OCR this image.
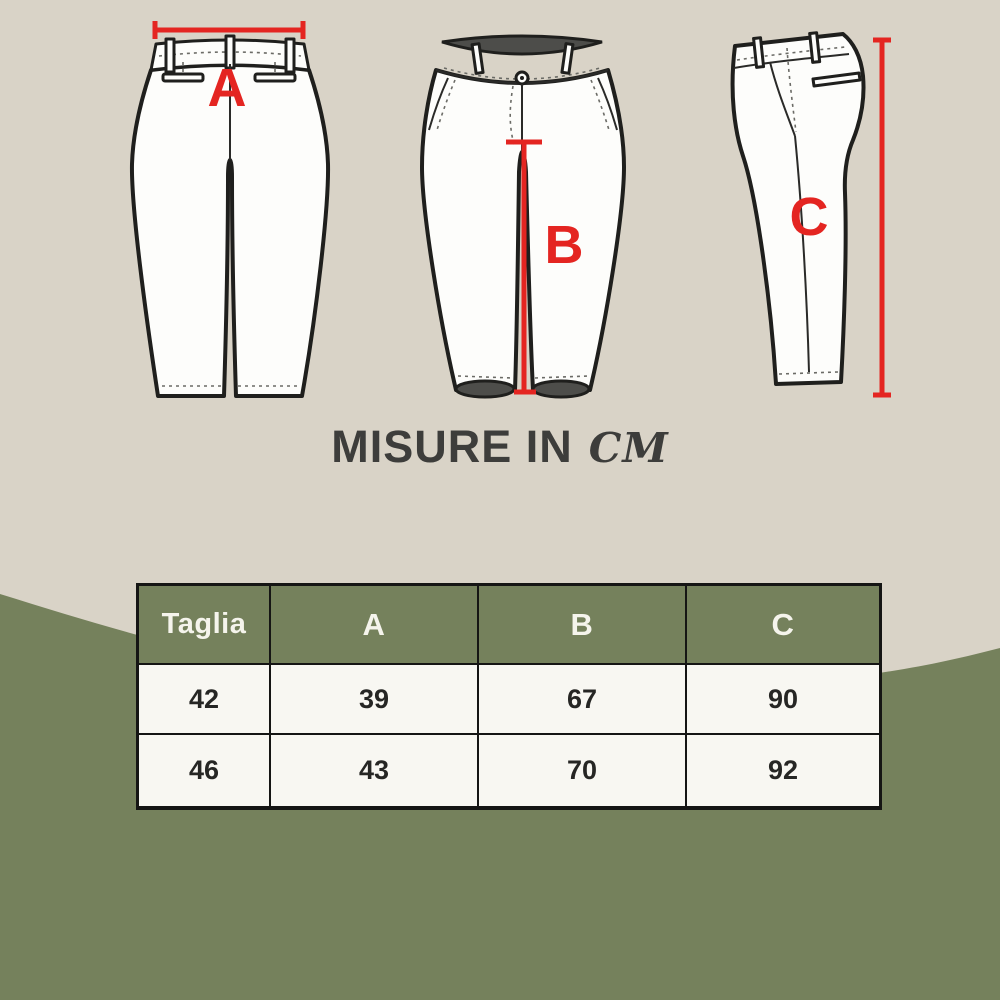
A
B	C
MISURE IN CM
Taglia	A	B	C
42	39	67	90
46	43	70	92
